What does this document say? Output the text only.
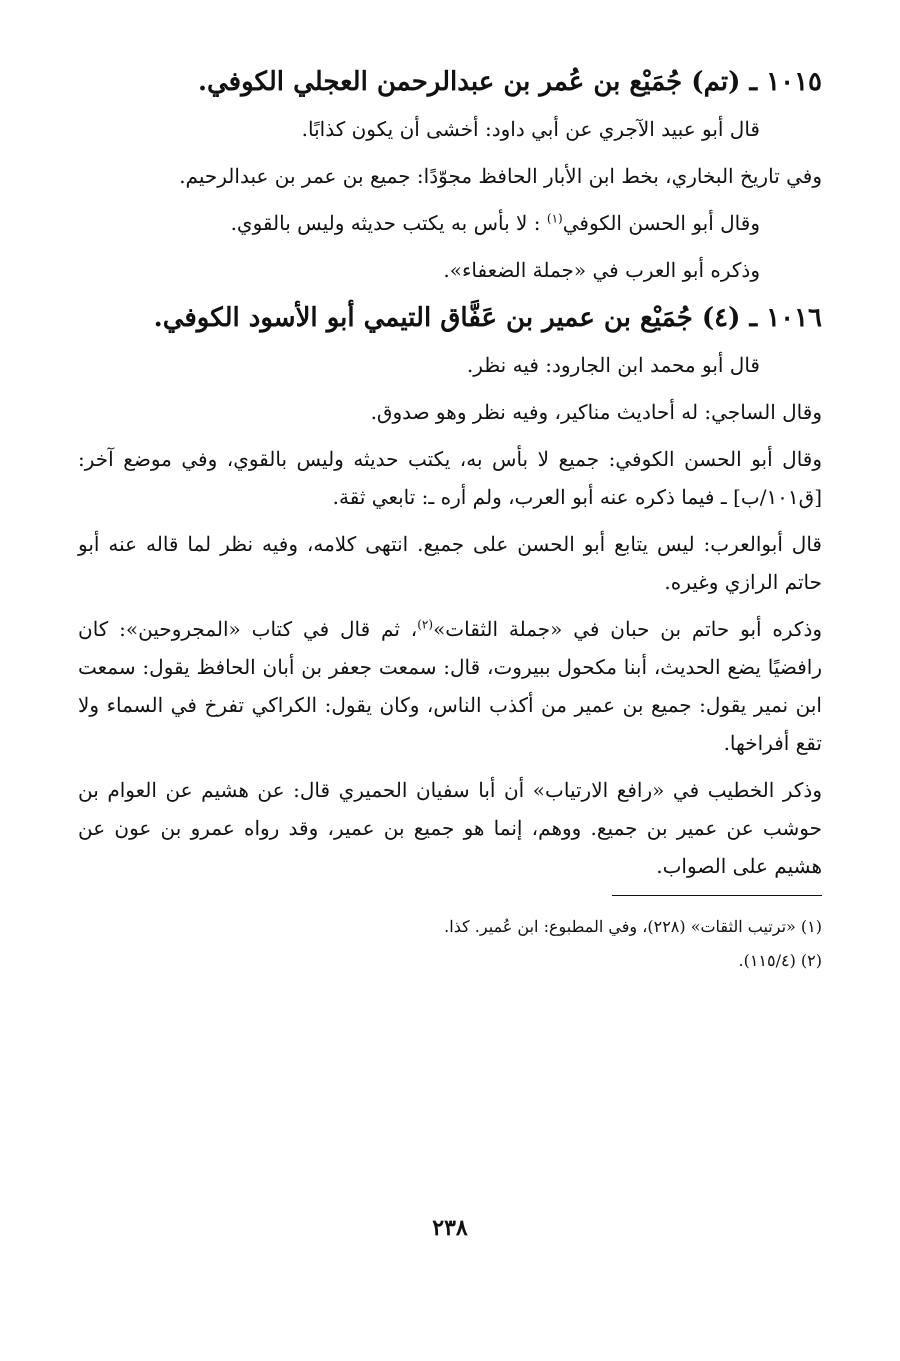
١٠١٥ ـ (تم) جُمَيْع بن عُمر بن عبدالرحمن العجلي الكوفي.

قال أبو عبيد الآجري عن أبي داود: أخشى أن يكون كذابًا.

وفي تاريخ البخاري، بخط ابن الأبار الحافظ مجوّدًا: جميع بن عمر بن عبدالرحيم.

وقال أبو الحسن الكوفي$^{(١)}$ : لا بأس به يكتب حديثه وليس بالقوي.

وذكره أبو العرب في «جملة الضعفاء».

١٠١٦ ـ (٤) جُمَيْع بن عمير بن عَفَّاق التيمي أبو الأسود الكوفي.

قال أبو محمد ابن الجارود: فيه نظر.

وقال الساجي: له أحاديث مناكير، وفيه نظر وهو صدوق.

وقال أبو الحسن الكوفي: جميع لا بأس به، يكتب حديثه وليس بالقوي، وفي موضع آخر: [ق١٠١/ب] ـ فيما ذكره عنه أبو العرب، ولم أره ـ: تابعي ثقة.

قال أبوالعرب: ليس يتابع أبو الحسن على جميع. انتهى كلامه، وفيه نظر لما قاله عنه أبو حاتم الرازي وغيره.

وذكره أبو حاتم بن حبان في «جملة الثقات»$^{(٢)}$، ثم قال في كتاب «المجروحين»: كان رافضيًا يضع الحديث، أبنا مكحول ببيروت، قال: سمعت جعفر بن أبان الحافظ يقول: سمعت ابن نمير يقول: جميع بن عمير من أكذب الناس، وكان يقول: الكراكي تفرخ في السماء ولا تقع أفراخها.

وذكر الخطيب في «رافع الارتياب» أن أبا سفيان الحميري قال: عن هشيم عن العوام بن حوشب عن عمير بن جميع. ووهم، إنما هو جميع بن عمير، وقد رواه عمرو بن عون عن هشيم على الصواب.

(١) «ترتيب الثقات» (٢٢٨)، وفي المطبوع: ابن عُمير. كذا.

(٢) (١١٥/٤).

٢٣٨
